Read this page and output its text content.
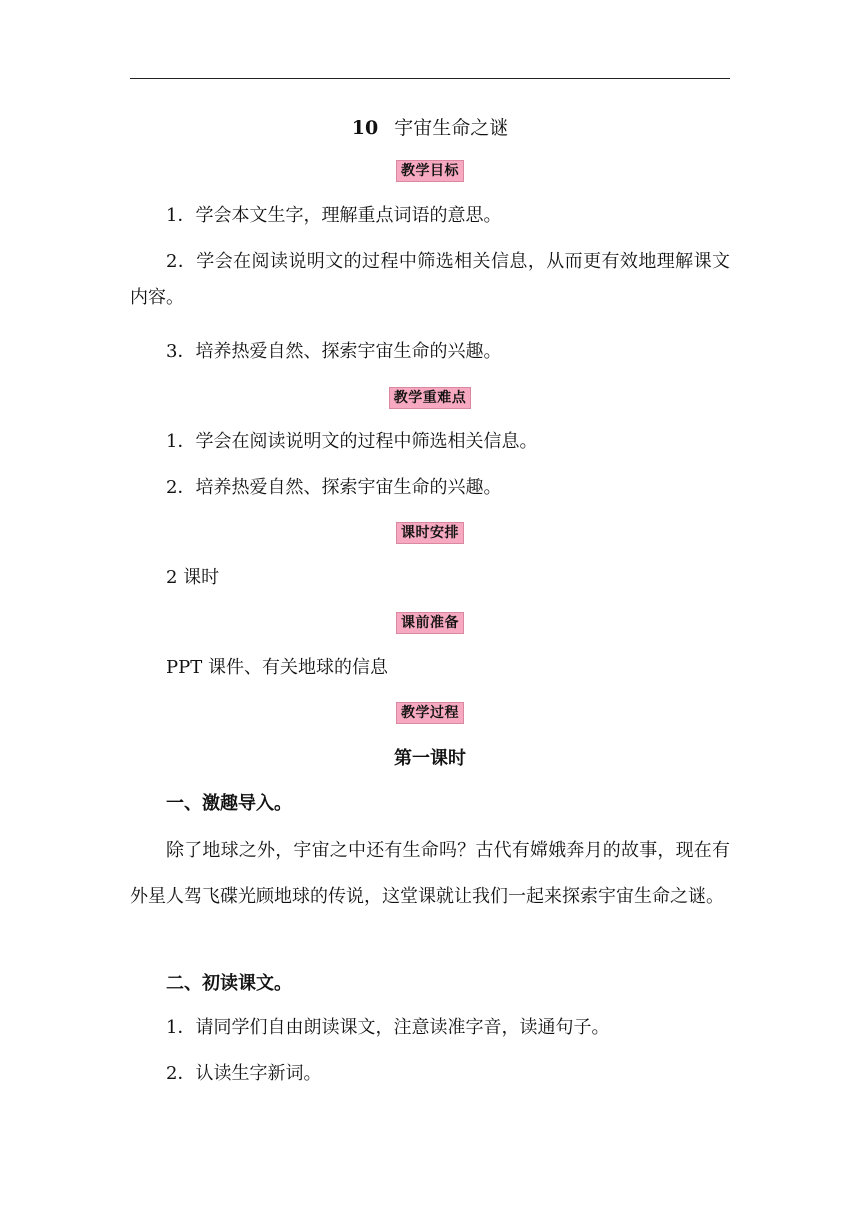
10 宇宙生命之谜
教学目标

1．学会本文生字，理解重点词语的意思。

2．学会在阅读说明文的过程中筛选相关信息，从而更有效地理解课文内容。

3．培养热爱自然、探索宇宙生命的兴趣。

教学重难点

1．学会在阅读说明文的过程中筛选相关信息。

2．培养热爱自然、探索宇宙生命的兴趣。

课时安排

2 课时

课前准备

PPT 课件、有关地球的信息

教学过程
第一课时

一、激趣导入。

除了地球之外，宇宙之中还有生命吗？古代有嫦娥奔月的故事，现在有外星人驾飞碟光顾地球的传说，这堂课就让我们一起来探索宇宙生命之谜。

二、初读课文。

1．请同学们自由朗读课文，注意读准字音，读通句子。

2．认读生字新词。
